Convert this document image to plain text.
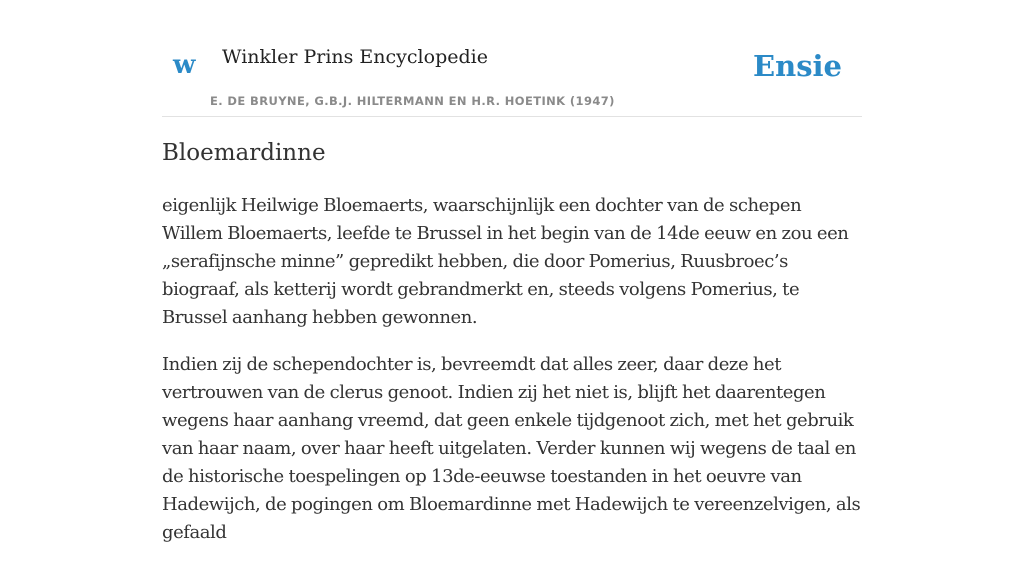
w Winkler Prins Encyclopedie
E. DE BRUYNE, G.B.J. HILTERMANN EN H.R. HOETINK (1947)
Ensie
Bloemardinne

eigenlijk Heilwige Bloemaerts, waarschijnlijk een dochter van de schepen Willem Bloemaerts, leefde te Brussel in het begin van de 14de eeuw en zou een „serafijnsche minne” gepredikt hebben, die door Pomerius, Ruusbroec’s biograaf, als ketterij wordt gebrandmerkt en, steeds volgens Pomerius, te Brussel aanhang hebben gewonnen.

Indien zij de schependochter is, bevreemdt dat alles zeer, daar deze het vertrouwen van de clerus genoot. Indien zij het niet is, blijft het daarentegen wegens haar aanhang vreemd, dat geen enkele tijdgenoot zich, met het gebruik van haar naam, over haar heeft uitgelaten. Verder kunnen wij wegens de taal en de historische toespelingen op 13de-eeuwse toestanden in het oeuvre van Hadewijch, de pogingen om Bloemardinne met Hadewijch te vereenzelvigen, als gefaald
